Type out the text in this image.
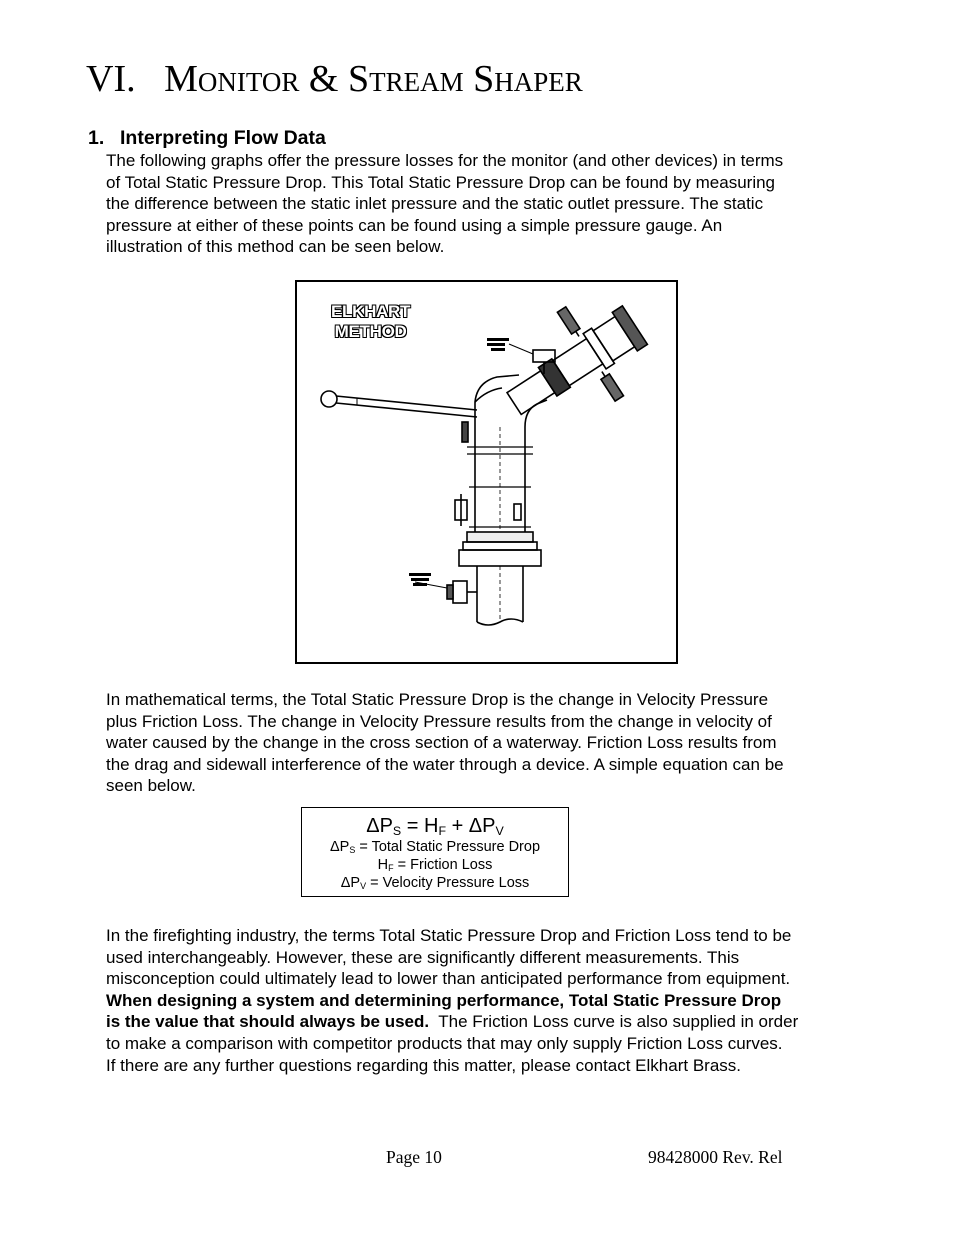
VI. MONITOR & STREAM SHAPER
1. Interpreting Flow Data
The following graphs offer the pressure losses for the monitor (and other devices) in terms
of Total Static Pressure Drop. This Total Static Pressure Drop can be found by measuring
the difference between the static inlet pressure and the static outlet pressure. The static
pressure at either of these points can be found using a simple pressure gauge. An
illustration of this method can be seen below.
ELKHART
METHOD
In mathematical terms, the Total Static Pressure Drop is the change in Velocity Pressure
plus Friction Loss. The change in Velocity Pressure results from the change in velocity of
water caused by the change in the cross section of a waterway. Friction Loss results from
the drag and sidewall interference of the water through a device. A simple equation can be
seen below.
$\Delta P_S = H_F + \Delta P_V$
$\Delta P_S$ = Total Static Pressure Drop
$H_F$ = Friction Loss
$\Delta P_V$ = Velocity Pressure Loss
In the firefighting industry, the terms Total Static Pressure Drop and Friction Loss tend to be
used interchangeably. However, these are significantly different measurements. This
misconception could ultimately lead to lower than anticipated performance from equipment.
When designing a system and determining performance, Total Static Pressure Drop
is the value that should always be used.  The Friction Loss curve is also supplied in order
to make a comparison with competitor products that may only supply Friction Loss curves.
If there are any further questions regarding this matter, please contact Elkhart Brass.
Page 10	98428000 Rev. Rel
